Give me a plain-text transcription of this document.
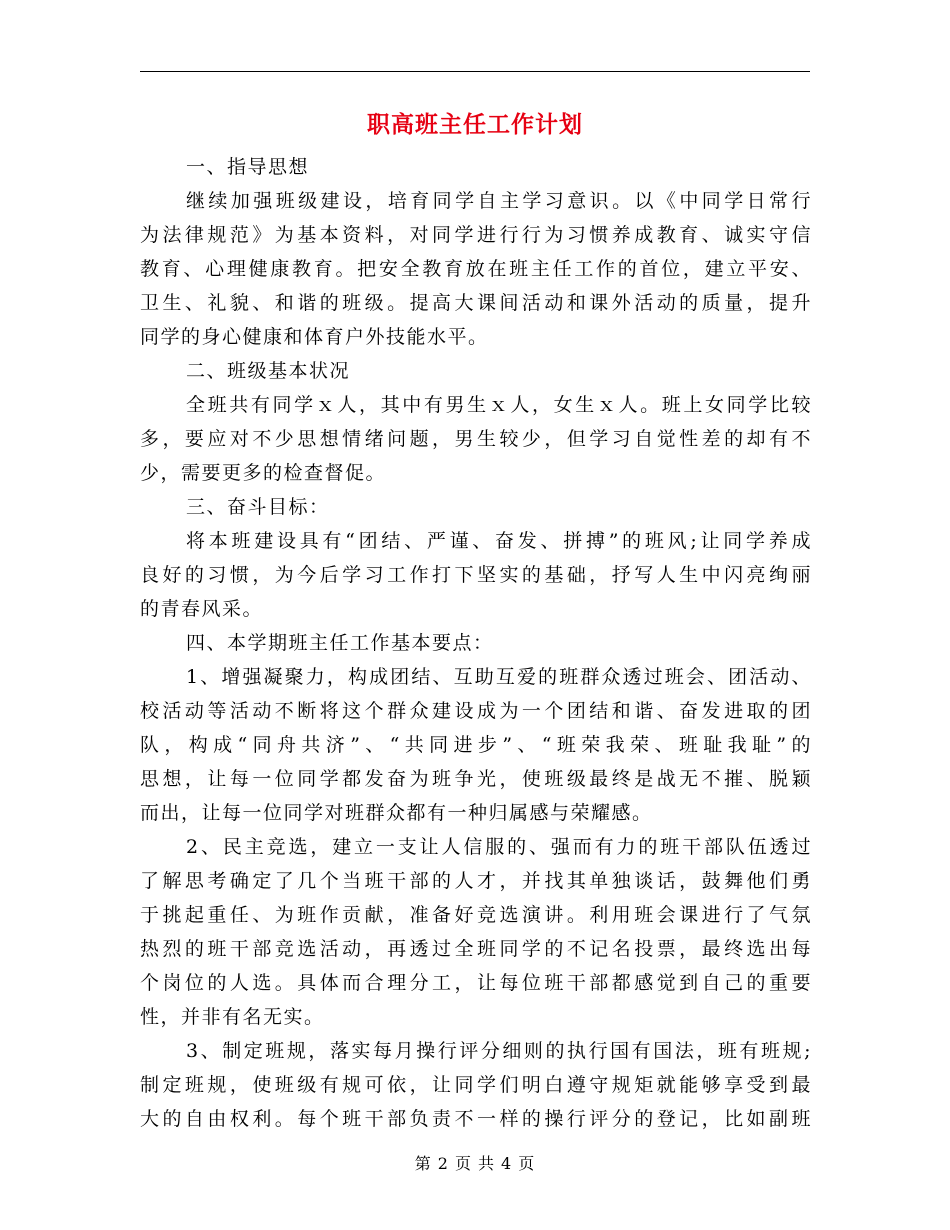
职高班主任工作计划
一、指导思想
继续加强班级建设，培育同学自主学习意识。以《中同学日常行
为法律规范》为基本资料，对同学进行行为习惯养成教育、诚实守信
教育、心理健康教育。把安全教育放在班主任工作的首位，建立平安、
卫生、礼貌、和谐的班级。提高大课间活动和课外活动的质量，提升
同学的身心健康和体育户外技能水平。
二、班级基本状况
全班共有同学ｘ人，其中有男生ｘ人，女生ｘ人。班上女同学比较
多，要应对不少思想情绪问题，男生较少，但学习自觉性差的却有不
少，需要更多的检查督促。
三、奋斗目标：
将本班建设具有“团结、严谨、奋发、拼搏”的班风;让同学养成
良好的习惯，为今后学习工作打下坚实的基础，抒写人生中闪亮绚丽
的青春风采。
四、本学期班主任工作基本要点：
1、增强凝聚力，构成团结、互助互爱的班群众透过班会、团活动、
校活动等活动不断将这个群众建设成为一个团结和谐、奋发进取的团
队，构成“同舟共济”、“共同进步”、“班荣我荣、班耻我耻”的
思想，让每一位同学都发奋为班争光，使班级最终是战无不摧、脱颖
而出，让每一位同学对班群众都有一种归属感与荣耀感。
2、民主竞选，建立一支让人信服的、强而有力的班干部队伍透过
了解思考确定了几个当班干部的人才，并找其单独谈话，鼓舞他们勇
于挑起重任、为班作贡献，准备好竞选演讲。利用班会课进行了气氛
热烈的班干部竞选活动，再透过全班同学的不记名投票，最终选出每
个岗位的人选。具体而合理分工，让每位班干部都感觉到自己的重要
性，并非有名无实。
3、制定班规，落实每月操行评分细则的执行国有国法，班有班规;
制定班规，使班级有规可依，让同学们明白遵守规矩就能够享受到最
大的自由权利。每个班干部负责不一样的操行评分的登记，比如副班
第 2 页 共 4 页
